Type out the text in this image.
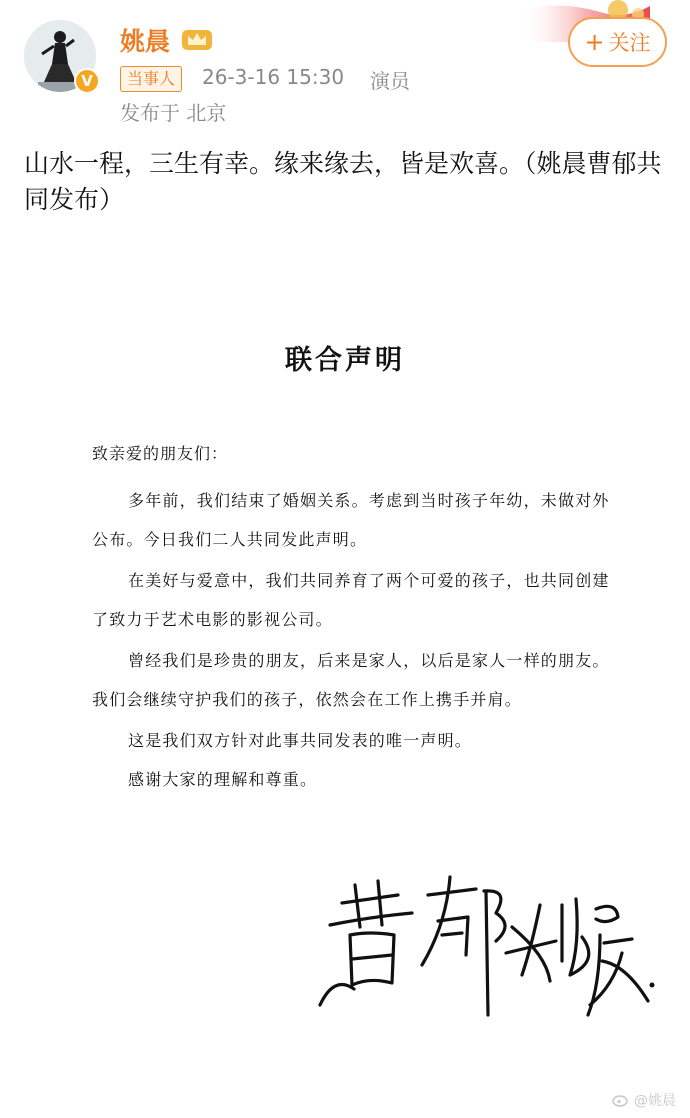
V
姚晨
当事人	26-3-16 15:30 演员
发布于 北京
+ 关注
山水一程，三生有幸。缘来缘去，皆是欢喜。（姚晨曹郁共同发布）
联合声明
致亲爱的朋友们：
多年前，我们结束了婚姻关系。考虑到当时孩子年幼，未做对外公布。今日我们二人共同发此声明。
在美好与爱意中，我们共同养育了两个可爱的孩子，也共同创建了致力于艺术电影的影视公司。
曾经我们是珍贵的朋友，后来是家人，以后是家人一样的朋友。我们会继续守护我们的孩子，依然会在工作上携手并肩。
这是我们双方针对此事共同发表的唯一声明。
感谢大家的理解和尊重。
@姚晨
